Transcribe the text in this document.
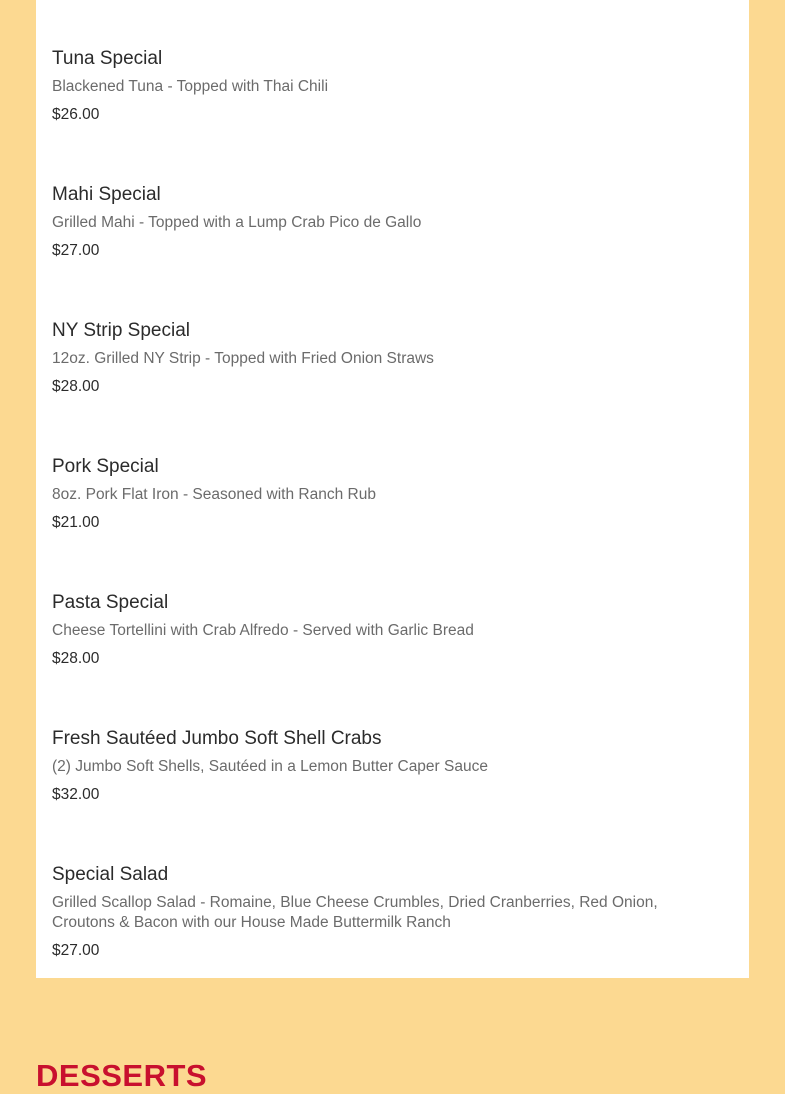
Tuna Special
Blackened Tuna - Topped with Thai Chili
$26.00
Mahi Special
Grilled Mahi - Topped with a Lump Crab Pico de Gallo
$27.00
NY Strip Special
12oz. Grilled NY Strip - Topped with Fried Onion Straws
$28.00
Pork Special
8oz. Pork Flat Iron - Seasoned with Ranch Rub
$21.00
Pasta Special
Cheese Tortellini with Crab Alfredo - Served with Garlic Bread
$28.00
Fresh Sautéed Jumbo Soft Shell Crabs
(2) Jumbo Soft Shells, Sautéed in a Lemon Butter Caper Sauce
$32.00
Special Salad
Grilled Scallop Salad - Romaine, Blue Cheese Crumbles, Dried Cranberries, Red Onion, Croutons & Bacon with our House Made Buttermilk Ranch
$27.00
DESSERTS
